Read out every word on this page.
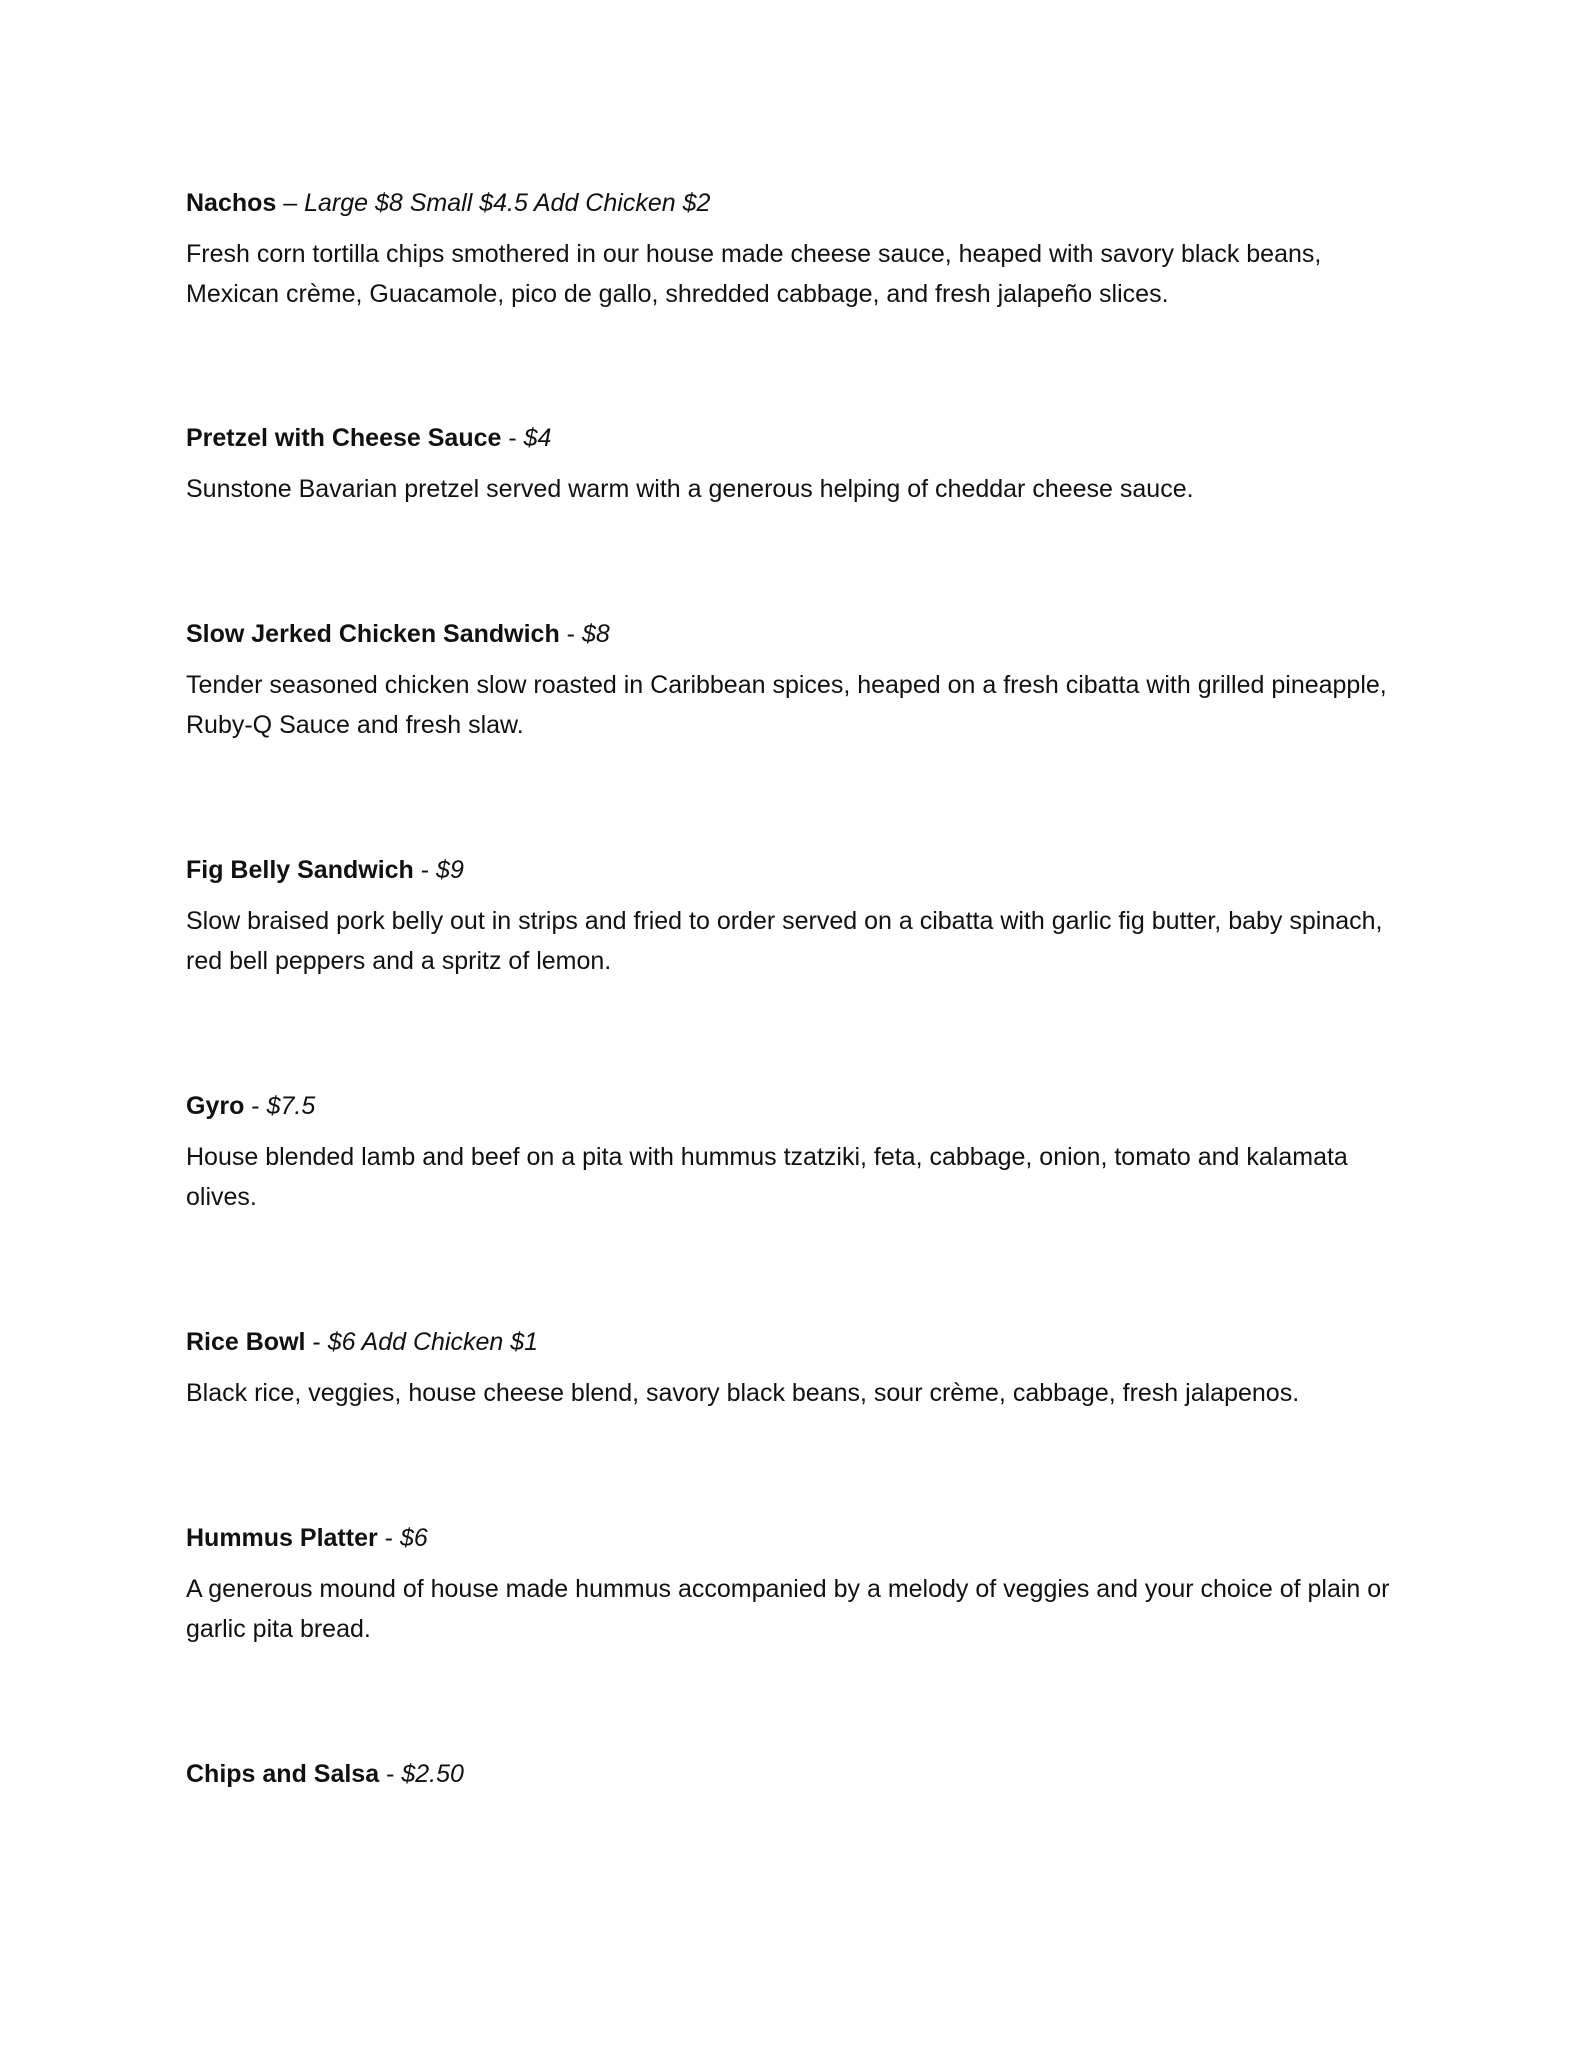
Nachos – Large $8 Small $4.5 Add Chicken $2

Fresh corn tortilla chips smothered in our house made cheese sauce, heaped with savory black beans, Mexican crème, Guacamole, pico de gallo, shredded cabbage, and fresh jalapeño slices.

Pretzel with Cheese Sauce - $4

Sunstone Bavarian pretzel served warm with a generous helping of cheddar cheese sauce.

Slow Jerked Chicken Sandwich - $8

Tender seasoned chicken slow roasted in Caribbean spices, heaped on a fresh cibatta with grilled pineapple, Ruby-Q Sauce and fresh slaw.

Fig Belly Sandwich - $9

Slow braised pork belly out in strips and fried to order served on a cibatta with garlic fig butter, baby spinach, red bell peppers and a spritz of lemon.

Gyro - $7.5

House blended lamb and beef on a pita with hummus tzatziki, feta, cabbage, onion, tomato and kalamata olives.

Rice Bowl - $6 Add Chicken $1

Black rice, veggies, house cheese blend, savory black beans, sour crème, cabbage, fresh jalapenos.

Hummus Platter - $6

A generous mound of house made hummus accompanied by a melody of veggies and your choice of plain or garlic pita bread.

Chips and Salsa - $2.50
